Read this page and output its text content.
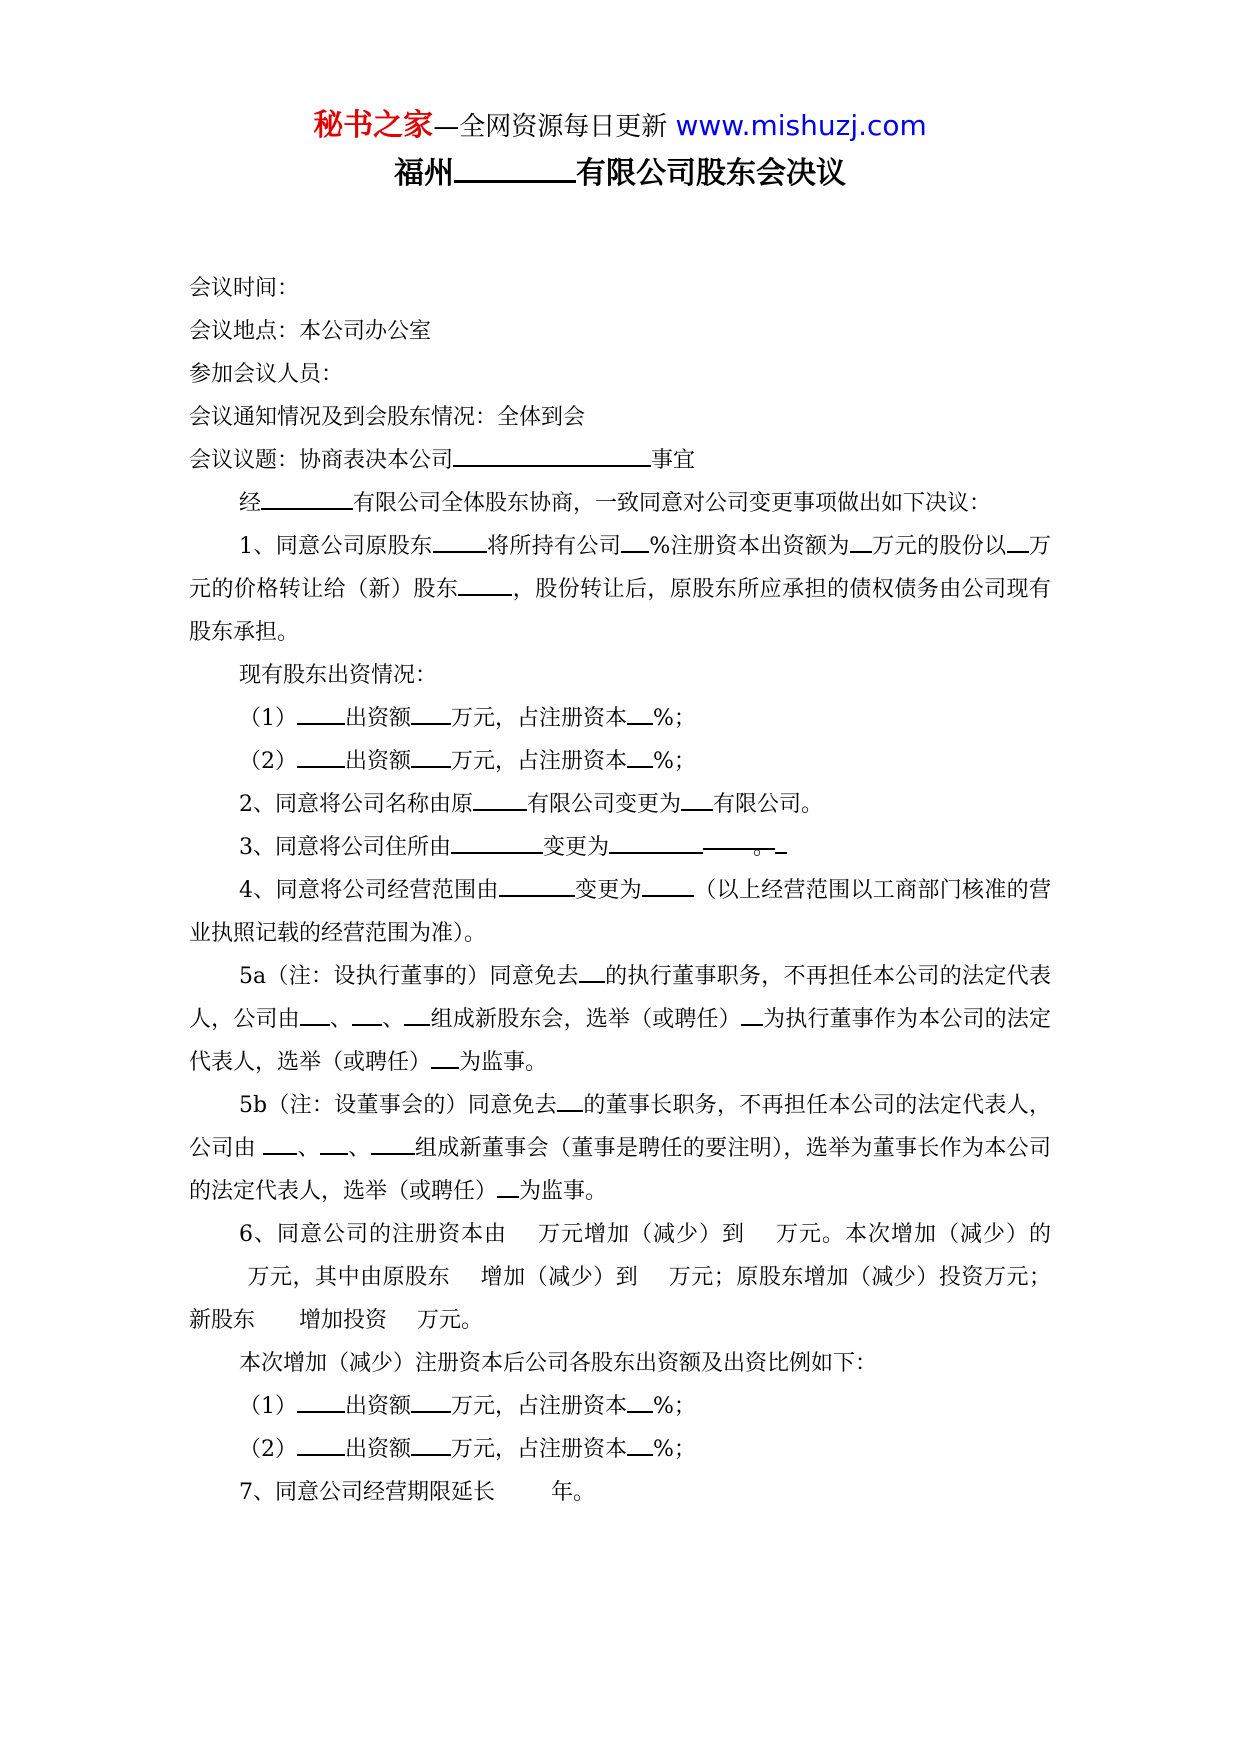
秘书之家—全网资源每日更新 www.mishuzj.com
福州	有限公司股东会决议

会议时间：

会议地点：本公司办公室

参加会议人员：

会议通知情况及到会股东情况：全体到会

会议议题：协商表决本公司	事宜

经	有限公司全体股东协商，一致同意对公司变更事项做出如下决议：

1、同意公司原股东 将所持有公司 %注册资本出资额为 万元的股份以 万元的价格转让给（新）股东 ，股份转让后，原股东所应承担的债权债务由公司现有股东承担。

现有股东出资情况：

（1） 出资额 万元，占注册资本 %；

（2） 出资额 万元，占注册资本 %；

2、同意将公司名称由原 有限公司变更为 有限公司。

3、同意将公司住所由	变更为	。

4、同意将公司经营范围由	变更为 （以上经营范围以工商部门核准的营业执照记载的经营范围为准）。

5a（注：设执行董事的）同意免去 的执行董事职务，不再担任本公司的法定代表人，公司由 、 、 组成新股东会，选举（或聘任） 为执行董事作为本公司的法定代表人，选举（或聘任） 为监事。

5b（注：设董事会的）同意免去 的董事长职务，不再担任本公司的法定代表人，公司由 、 、 组成新董事会（董事是聘任的要注明），选举为董事长作为本公司的法定代表人，选举（或聘任） 为监事。

6、同意公司的注册资本由 万元增加（减少）到 万元。本次增加（减少）的万元，其中由原股东 增加（减少）到 万元；原股东增加（减少）投资万元；新股东 增加投资 万元。

本次增加（减少）注册资本后公司各股东出资额及出资比例如下：

（1） 出资额 万元，占注册资本 %；

（2） 出资额 万元，占注册资本 %；

7、同意公司经营期限延长	年。
